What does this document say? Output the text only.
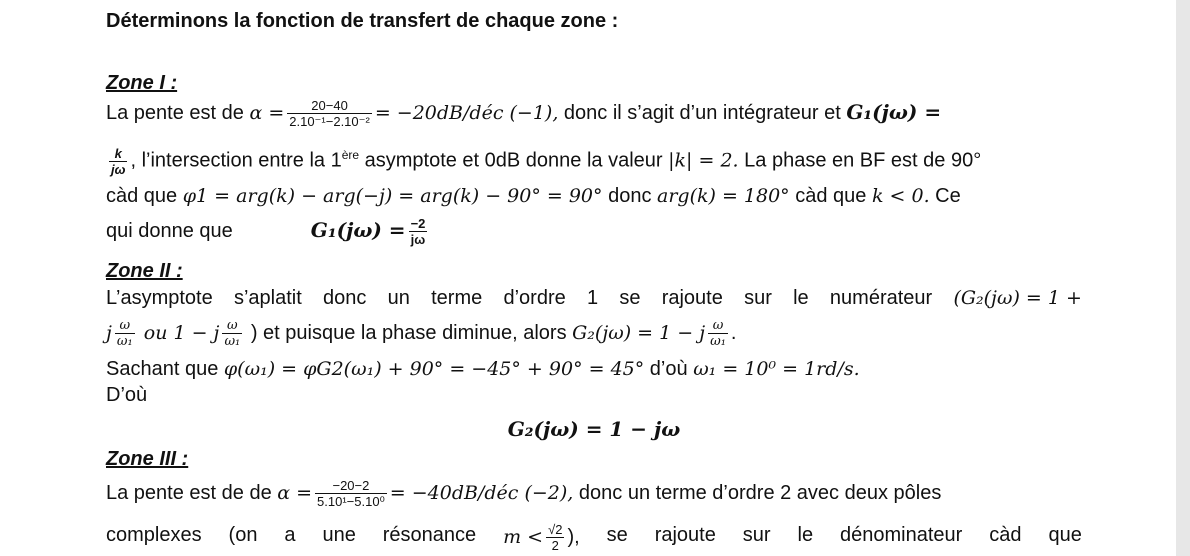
Déterminons la fonction de transfert de chaque zone :
Zone I :
La pente est de $\alpha = \frac{20-40}{\text{2.10⁻¹−2.10⁻²}}$ = −20dB/déc (−1), donc il s’agit d’un intégrateur et G₁(jω) =
$\frac{k}{j\omega}$ , l’intersection entre la 1ère asymptote et 0dB donne la valeur |k| = 2. La phase en BF est de 90°
càd que φ1 = arg(k) − arg(−j) = arg(k) − 90° = 90° donc arg(k) = 180° càd que k < 0. Ce
qui donne que	$G_1(j\omega) = \frac{-2}{j\omega}$
Zone II :
L’asymptote s’aplatit donc un terme d’ordre 1 se rajoute sur le numérateur (G₂(jω) = 1 +
j $\frac{\omega}{\text{ω₁}}$ ou 1 − j $\frac{\omega}{\text{ω₁}}$ ) et puisque la phase diminue, alors G₂(jω) = 1 − j $\frac{\omega}{\text{ω₁}}$ .
Sachant que φ(ω₁) = φG2(ω₁) + 90° = −45° + 90° = 45° d’où ω₁ = 10⁰ = 1rd/s.
D’où
G₂(jω) = 1 − jω
Zone III :
La pente est de de $\alpha = \frac{-20-2}{\text{5.10¹−5.10⁰}}$ = −40dB/déc (−2), donc un terme d’ordre 2 avec deux pôles
complexes (on a une résonance $m < \frac{√2}{2}$ ), se rajoute sur le dénominateur càd que
